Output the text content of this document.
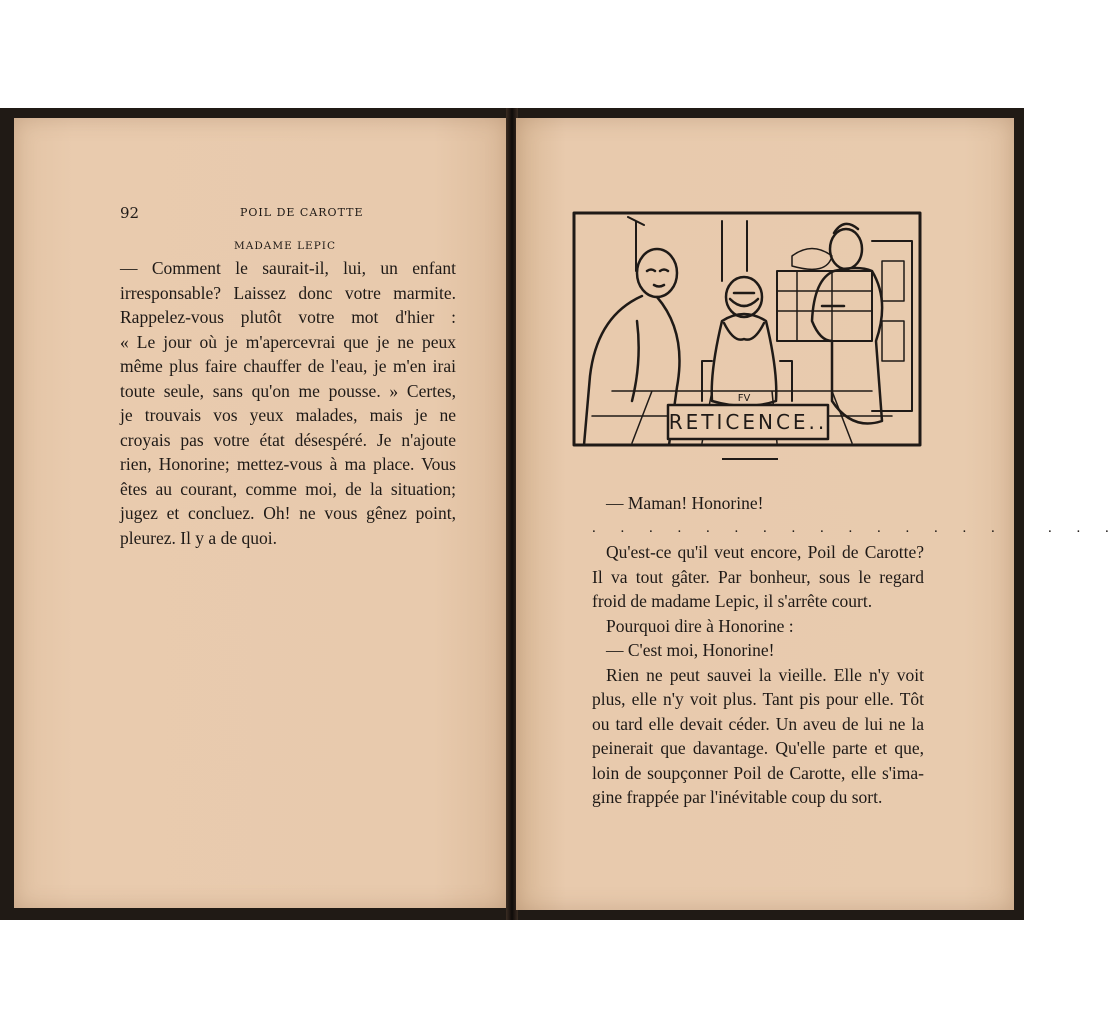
92	POIL DE CAROTTE
MADAME LEPIC
— Comment le saurait-il, lui, un enfant
irresponsable? Laissez donc votre marmite.
Rappelez-vous plutôt votre mot d'hier :
« Le jour où je m'apercevrai que je ne peux
même plus faire chauffer de l'eau, je m'en irai
toute seule, sans qu'on me pousse. » Certes,
je trouvais vos yeux malades, mais je ne
croyais pas votre état désespéré. Je n'ajoute
rien, Honorine; mettez-vous à ma place. Vous
êtes au courant, comme moi, de la situation;
jugez et concluez. Oh! ne vous gênez point,
pleurez. Il y a de quoi.
RETICENCE..
FV
— Maman! Honorine!
. . . . . . . . . . . . . . . . . . .
Qu'est-ce qu'il veut encore, Poil de Carotte?
Il va tout gâter. Par bonheur, sous le regard
froid de madame Lepic, il s'arrête court.
Pourquoi dire à Honorine :
— C'est moi, Honorine!
Rien ne peut sauvei la vieille. Elle n'y voit
plus, elle n'y voit plus. Tant pis pour elle. Tôt
ou tard elle devait céder. Un aveu de lui ne la
peinerait que davantage. Qu'elle parte et que,
loin de soupçonner Poil de Carotte, elle s'ima-
gine frappée par l'inévitable coup du sort.
